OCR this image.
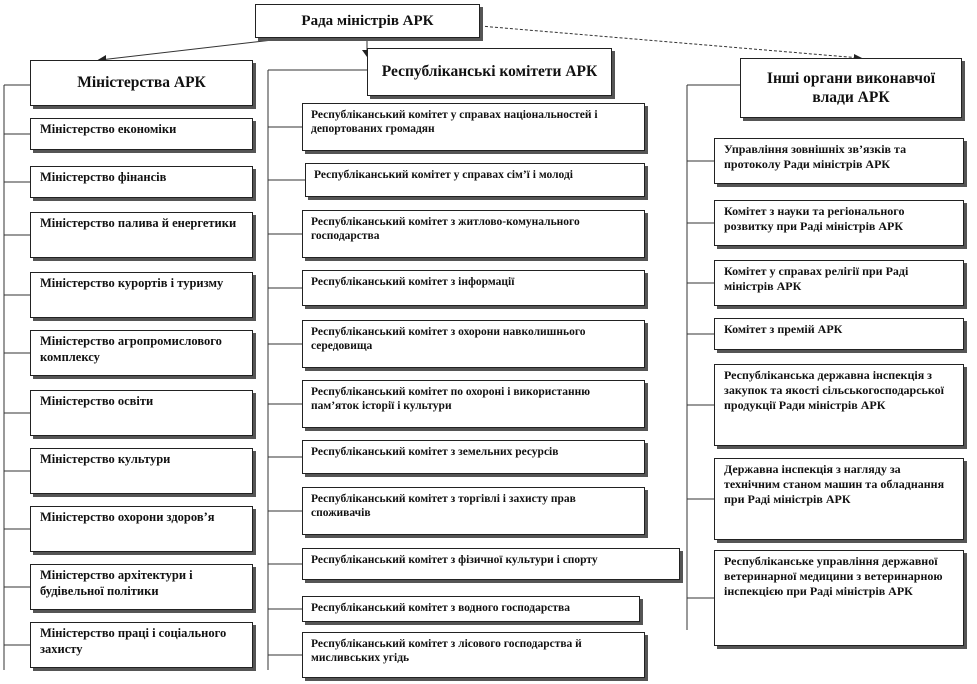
Рада міністрів АРК
Міністерства АРК
Республіканські комітети АРК	Інші органи виконавчої влади АРК
Міністерство економіки
Міністерство фінансів
Міністерство палива й енергетики
Міністерство курортів і туризму
Міністерство агропромислового комплексу
Міністерство освіти
Міністерство культури
Міністерство охорони здоров’я
Міністерство архітектури і будівельної політики
Міністерство праці і соціального захисту
Республіканський комітет у справах національностей і депортованих громадян
Республіканський комітет у справах сім’ї і молоді
Республіканський комітет з житлово-комунального господарства
Республіканський комітет з інформації
Республіканський комітет з охорони навколишнього середовища
Республіканський комітет по охороні і використанню пам’яток історії і культури
Республіканський комітет з земельних ресурсів
Республіканський комітет з торгівлі і захисту прав споживачів
Республіканський комітет з фізичної культури і спорту
Республіканський комітет з водного господарства
Республіканський комітет з лісового господарства й мисливських угідь
Управління зовнішніх зв’язків та протоколу Ради міністрів АРК
Комітет з науки та регіонального розвитку при Раді міністрів АРК
Комітет у справах релігії при Раді міністрів АРК
Комітет з премій АРК
Республіканська державна інспекція з закупок та якості сільськогосподарської продукції Ради міністрів АРК
Державна інспекція з нагляду за технічним станом машин та обладнання при Раді міністрів АРК
Республіканське управління державної ветеринарної медицини з ветеринарною інспекцією при Раді міністрів АРК
